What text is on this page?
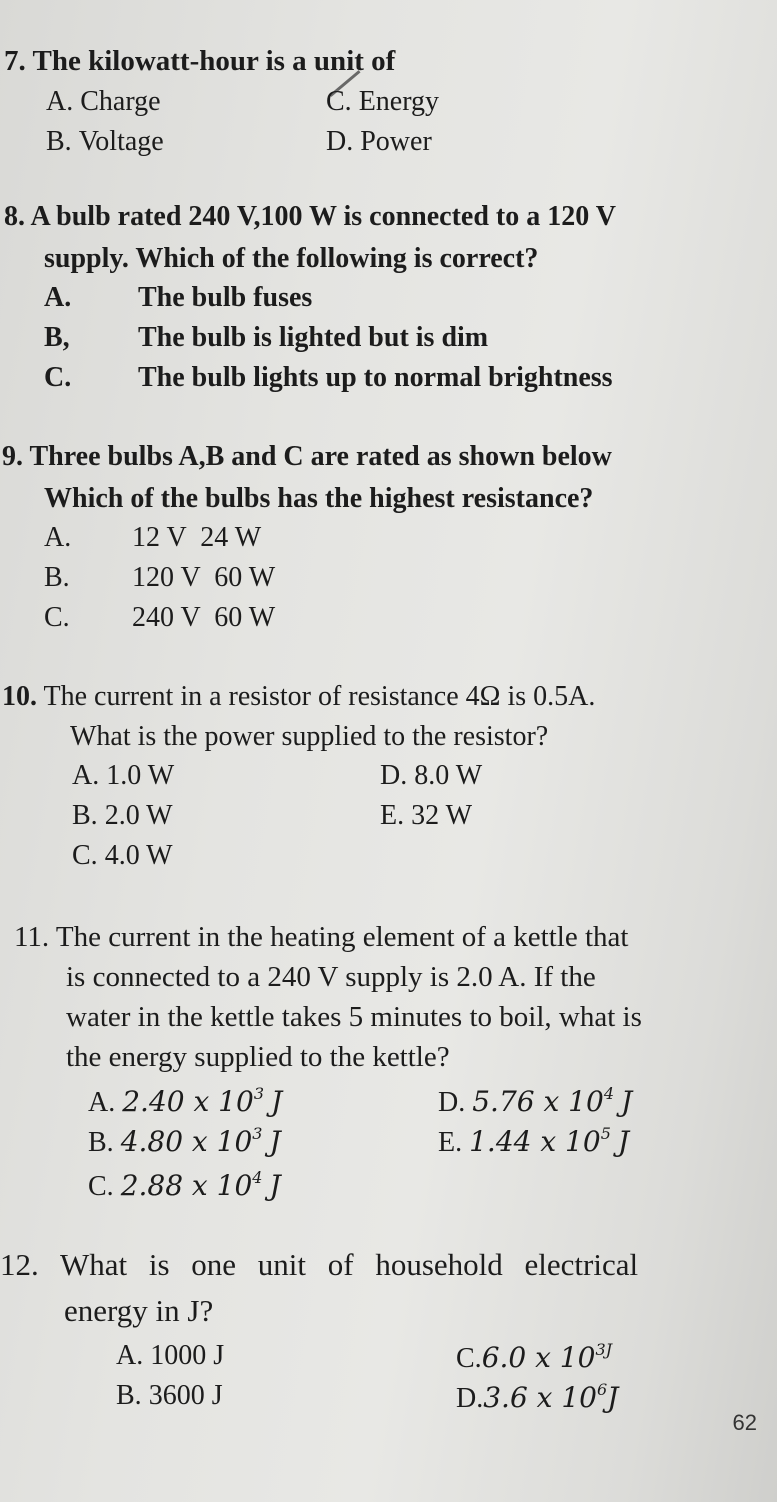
7. The kilowatt-hour is a unit of
A. Charge
B. Voltage
C. Energy
D. Power
8. A bulb rated 240 V,100 W is connected to a 120 V
supply. Which of the following is correct?
A. The bulb fuses
B, The bulb is lighted but is dim
C. The bulb lights up to normal brightness
9. Three bulbs A,B and C are rated as shown below
Which of the bulbs has the highest resistance?
A. 12 V  24 W
B. 120 V  60 W
C. 240 V  60 W
10. The current in a resistor of resistance 4Ω is 0.5A.
What is the power supplied to the resistor?
A. 1.0 W
B. 2.0 W
C. 4.0 W
D. 8.0 W
E. 32 W
11. The current in the heating element of a kettle that
is connected to a 240 V supply is 2.0 A. If the
water in the kettle takes 5 minutes to boil, what is
the energy supplied to the kettle?
A. 2.40 x $10^3$ J
B. 4.80 x $10^3$ J
C. 2.88 x $10^4$ J
D. 5.76 x $10^4$ J
E. 1.44 x $10^5$ J
12. What is one unit of household electrical
energy in J?
A. 1000 J
B. 3600 J
C.6.0 x $10^{3J}$
D.3.6 x $10^6J$
62
